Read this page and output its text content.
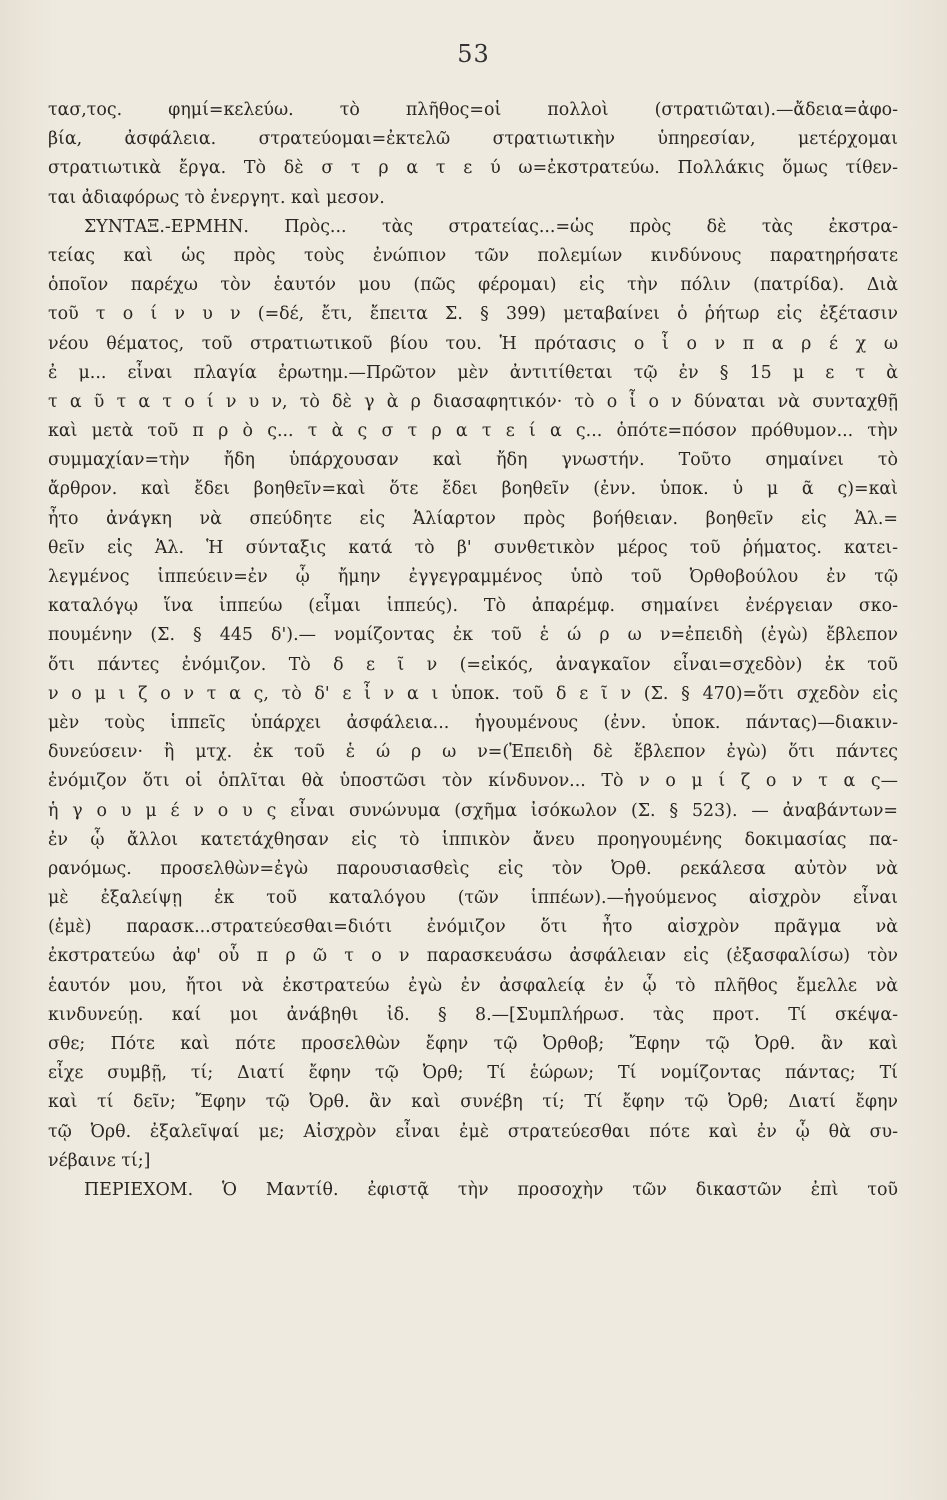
53
τασ,τος. φημί=κελεύω. τὸ πλῆθος=οἱ πολλοὶ (στρατιῶται).—ἄδεια=ἀφο-
βία, ἀσφάλεια. στρατεύομαι=ἐκτελῶ στρατιωτικὴν ὑπηρεσίαν, μετέρχομαι
στρατιωτικὰ ἔργα. Τὸ δὲ σ τ ρ α τ ε ύ ω=ἐκστρατεύω. Πολλάκις ὅμως τίθεν-
ται ἀδιαφόρως τὸ ἐνεργητ. καὶ μεσον.
ΣΥΝΤΑΞ.-ΕΡΜΗΝ. Πρὸς... τὰς στρατείας...=ὡς πρὸς δὲ τὰς ἐκστρα-
τείας καὶ ὡς πρὸς τοὺς ἐνώπιον τῶν πολεμίων κινδύνους παρατηρήσατε
ὁποῖον παρέχω τὸν ἑαυτόν μου (πῶς φέρομαι) εἰς τὴν πόλιν (πατρίδα). Διὰ
τοῦ τ ο ί ν υ ν (=δέ, ἔτι, ἔπειτα Σ. § 399) μεταβαίνει ὁ ῥήτωρ εἰς ἐξέτασιν
νέου θέματος, τοῦ στρατιωτικοῦ βίου του. Ἡ πρότασις ο ἷ ο ν π α ρ έ χ ω
ἐ μ... εἶναι πλαγία ἐρωτημ.—Πρῶτον μὲν ἀντιτίθεται τῷ ἐν § 15 μ ε τ ὰ
τ α ῦ τ α τ ο ί ν υ ν, τὸ δὲ γ ὰ ρ διασαφητικόν· τὸ ο ἷ ο ν δύναται νὰ συνταχθῇ
καὶ μετὰ τοῦ π ρ ὸ ς... τ ὰ ς σ τ ρ α τ ε ί α ς... ὁπότε=πόσον πρόθυμον... τὴν
συμμαχίαν=τὴν ἤδη ὑπάρχουσαν καὶ ἤδη γνωστήν. Τοῦτο σημαίνει τὸ
ἄρθρον. καὶ ἔδει βοηθεῖν=καὶ ὅτε ἔδει βοηθεῖν (ἐνν. ὑποκ. ὑ μ ᾶ ς)=καὶ
ἦτο ἀνάγκη νὰ σπεύδητε εἰς Ἁλίαρτον πρὸς βοήθειαν. βοηθεῖν εἰς Ἁλ.=
θεῖν εἰς Ἁλ. Ἡ σύνταξις κατά τὸ β' συνθετικὸν μέρος τοῦ ῥήματος. κατει-
λεγμένος ἱππεύειν=ἐν ᾧ ἤμην ἐγγεγραμμένος ὑπὸ τοῦ Ὀρθοβούλου ἐν τῷ
καταλόγῳ ἵνα ἱππεύω (εἶμαι ἱππεύς). Τὸ ἀπαρέμφ. σημαίνει ἐνέργειαν σκο-
πουμένην (Σ. § 445 δ').— νομίζοντας ἐκ τοῦ ἑ ώ ρ ω ν=ἐπειδὴ (ἐγὼ) ἔβλεπον
ὅτι πάντες ἐνόμιζον. Τὸ δ ε ῖ ν (=εἰκός, ἀναγκαῖον εἶναι=σχεδὸν) ἐκ τοῦ
ν ο μ ι ζ ο ν τ α ς, τὸ δ' ε ἶ ν α ι ὑποκ. τοῦ δ ε ῖ ν (Σ. § 470)=ὅτι σχεδὸν εἰς
μὲν τοὺς ἱππεῖς ὑπάρχει ἀσφάλεια... ἡγουμένους (ἐνν. ὑποκ. πάντας)—διακιν-
δυνεύσειν· ἢ μτχ. ἐκ τοῦ ἑ ώ ρ ω ν=(Ἐπειδὴ δὲ ἔβλεπον ἐγὼ) ὅτι πάντες
ἐνόμιζον ὅτι οἱ ὁπλῖται θὰ ὑποστῶσι τὸν κίνδυνον... Τὸ ν ο μ ί ζ ο ν τ α ς—
ἡ γ ο υ μ έ ν ο υ ς εἶναι συνώνυμα (σχῆμα ἰσόκωλον (Σ. § 523). — ἀναβάντων=
ἐν ᾧ ἄλλοι κατετάχθησαν εἰς τὸ ἱππικὸν ἄνευ προηγουμένης δοκιμασίας πα-
ρανόμως. προσελθὼν=ἐγὼ παρουσιασθεὶς εἰς τὸν Ὀρθ. ρεκάλεσα αὐτὸν νὰ
μὲ ἐξαλείψῃ ἐκ τοῦ καταλόγου (τῶν ἱππέων).—ἡγούμενος αἰσχρὸν εἶναι
(ἐμὲ) παρασκ...στρατεύεσθαι=διότι ἐνόμιζον ὅτι ἦτο αἰσχρὸν πρᾶγμα νὰ
ἐκστρατεύω ἀφ' οὗ π ρ ῶ τ ο ν παρασκευάσω ἀσφάλειαν εἰς (ἐξασφαλίσω) τὸν
ἑαυτόν μου, ἤτοι νὰ ἐκστρατεύω ἐγὼ ἐν ἀσφαλείᾳ ἐν ᾧ τὸ πλῆθος ἔμελλε νὰ
κινδυνεύῃ. καί μοι ἀνάβηθι ἰδ. § 8.—[Συμπλήρωσ. τὰς προτ. Τί σκέψα-
σθε; Πότε καὶ πότε προσελθὼν ἔφην τῷ Ὀρθοβ; Ἔφην τῷ Ὀρθ. ἂν καὶ
εἶχε συμβῇ, τί; Διατί ἔφην τῷ Ὀρθ; Τί ἑώρων; Τί νομίζοντας πάντας; Τί
καὶ τί δεῖν; Ἔφην τῷ Ὀρθ. ἂν καὶ συνέβη τί; Τί ἔφην τῷ Ὀρθ; Διατί ἔφην
τῷ Ὀρθ. ἐξαλεῖψαί με; Αἰσχρὸν εἶναι ἐμὲ στρατεύεσθαι πότε καὶ ἐν ᾧ θὰ συ-
νέβαινε τί;]
ΠΕΡΙΕΧΟΜ. Ὁ Μαντίθ. ἐφιστᾷ τὴν προσοχὴν τῶν δικαστῶν ἐπὶ τοῦ
